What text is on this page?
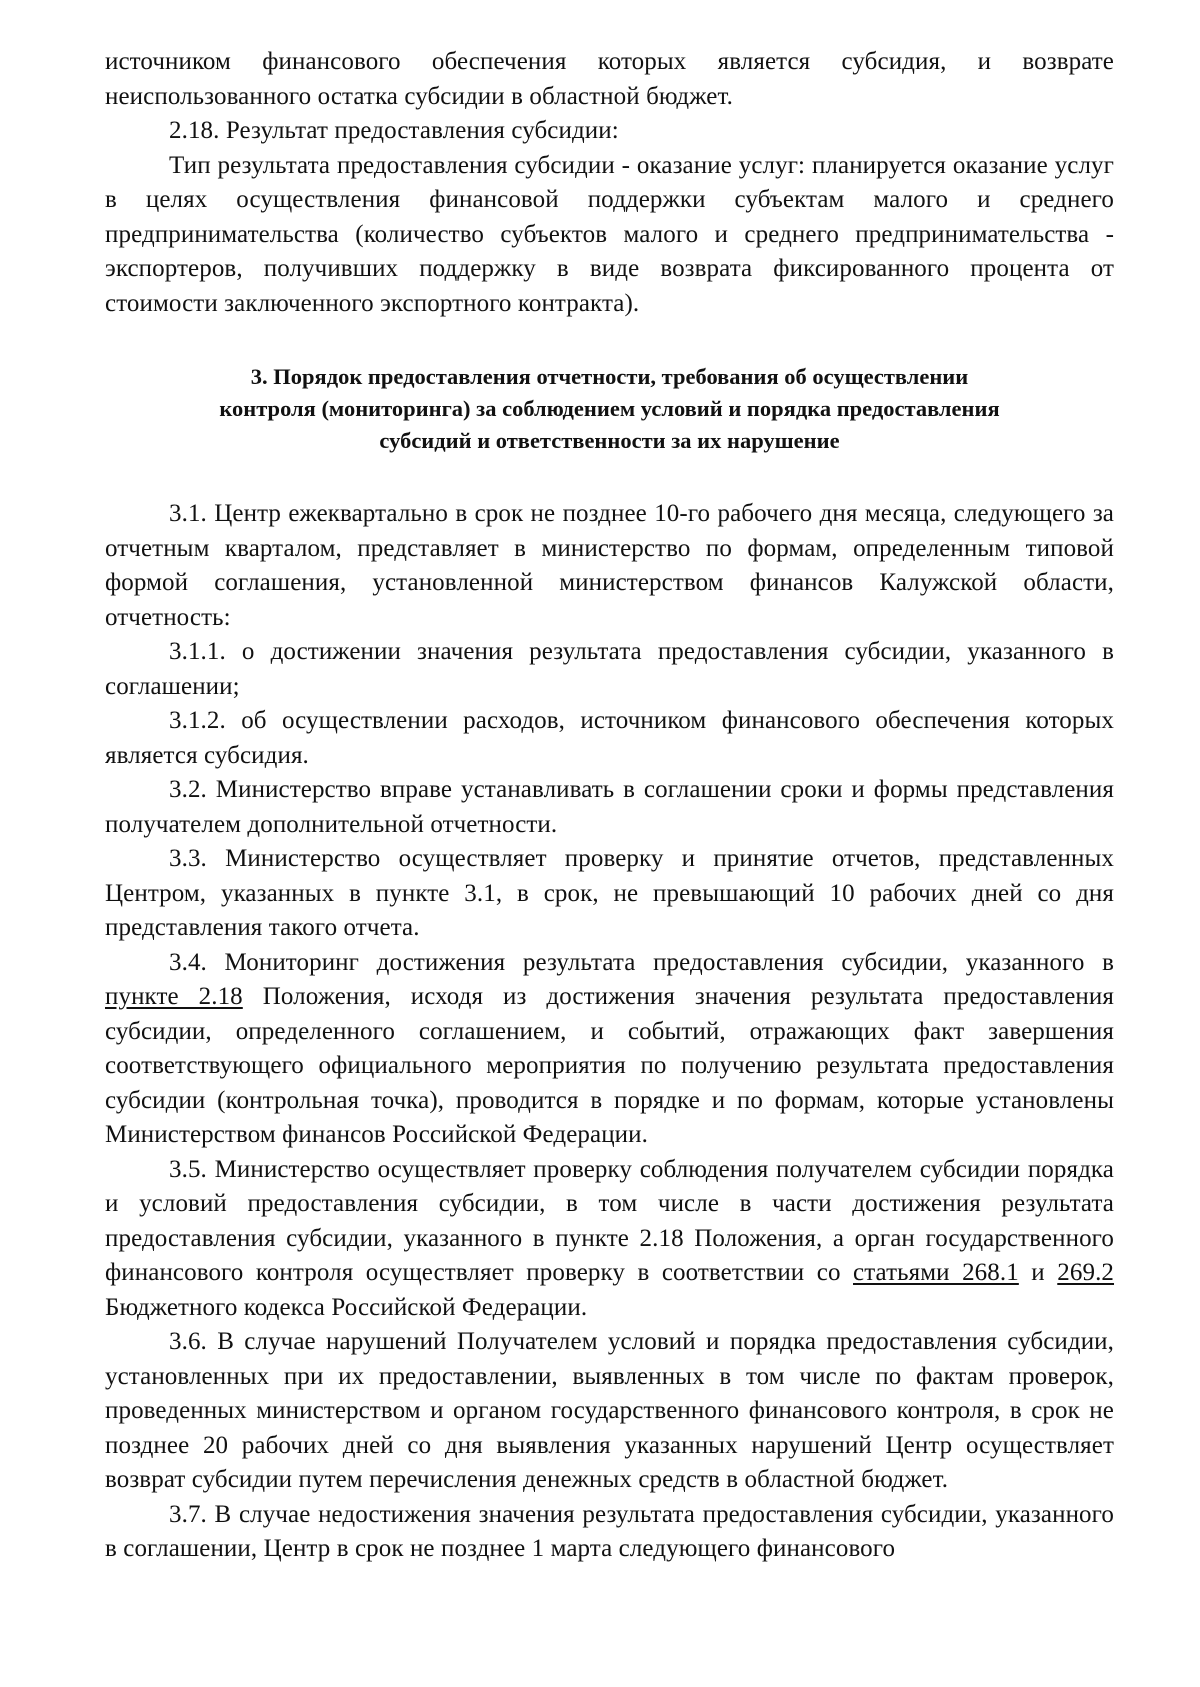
источником финансового обеспечения которых является субсидия, и возврате неиспользованного остатка субсидии в областной бюджет.

2.18. Результат предоставления субсидии:

Тип результата предоставления субсидии - оказание услуг: планируется оказание услуг в целях осуществления финансовой поддержки субъектам малого и среднего предпринимательства (количество субъектов малого и среднего предпринимательства - экспортеров, получивших поддержку в виде возврата фиксированного процента от стоимости заключенного экспортного контракта).

3. Порядок предоставления отчетности, требования об осуществлении
контроля (мониторинга) за соблюдением условий и порядка предоставления
субсидий и ответственности за их нарушение

3.1. Центр ежеквартально в срок не позднее 10-го рабочего дня месяца, следующего за отчетным кварталом, представляет в министерство по формам, определенным типовой формой соглашения, установленной министерством финансов Калужской области, отчетность:

3.1.1. о достижении значения результата предоставления субсидии, указанного в соглашении;

3.1.2. об осуществлении расходов, источником финансового обеспечения которых является субсидия.

3.2. Министерство вправе устанавливать в соглашении сроки и формы представления получателем дополнительной отчетности.

3.3. Министерство осуществляет проверку и принятие отчетов, представленных Центром, указанных в пункте 3.1, в срок, не превышающий 10 рабочих дней со дня представления такого отчета.

3.4. Мониторинг достижения результата предоставления субсидии, указанного в пункте 2.18 Положения, исходя из достижения значения результата предоставления субсидии, определенного соглашением, и событий, отражающих факт завершения соответствующего официального мероприятия по получению результата предоставления субсидии (контрольная точка), проводится в порядке и по формам, которые установлены Министерством финансов Российской Федерации.

3.5. Министерство осуществляет проверку соблюдения получателем субсидии порядка и условий предоставления субсидии, в том числе в части достижения результата предоставления субсидии, указанного в пункте 2.18 Положения, а орган государственного финансового контроля осуществляет проверку в соответствии со статьями 268.1 и 269.2 Бюджетного кодекса Российской Федерации.

3.6. В случае нарушений Получателем условий и порядка предоставления субсидии, установленных при их предоставлении, выявленных в том числе по фактам проверок, проведенных министерством и органом государственного финансового контроля, в срок не позднее 20 рабочих дней со дня выявления указанных нарушений Центр осуществляет возврат субсидии путем перечисления денежных средств в областной бюджет.

3.7. В случае недостижения значения результата предоставления субсидии, указанного в соглашении, Центр в срок не позднее 1 марта следующего финансового
